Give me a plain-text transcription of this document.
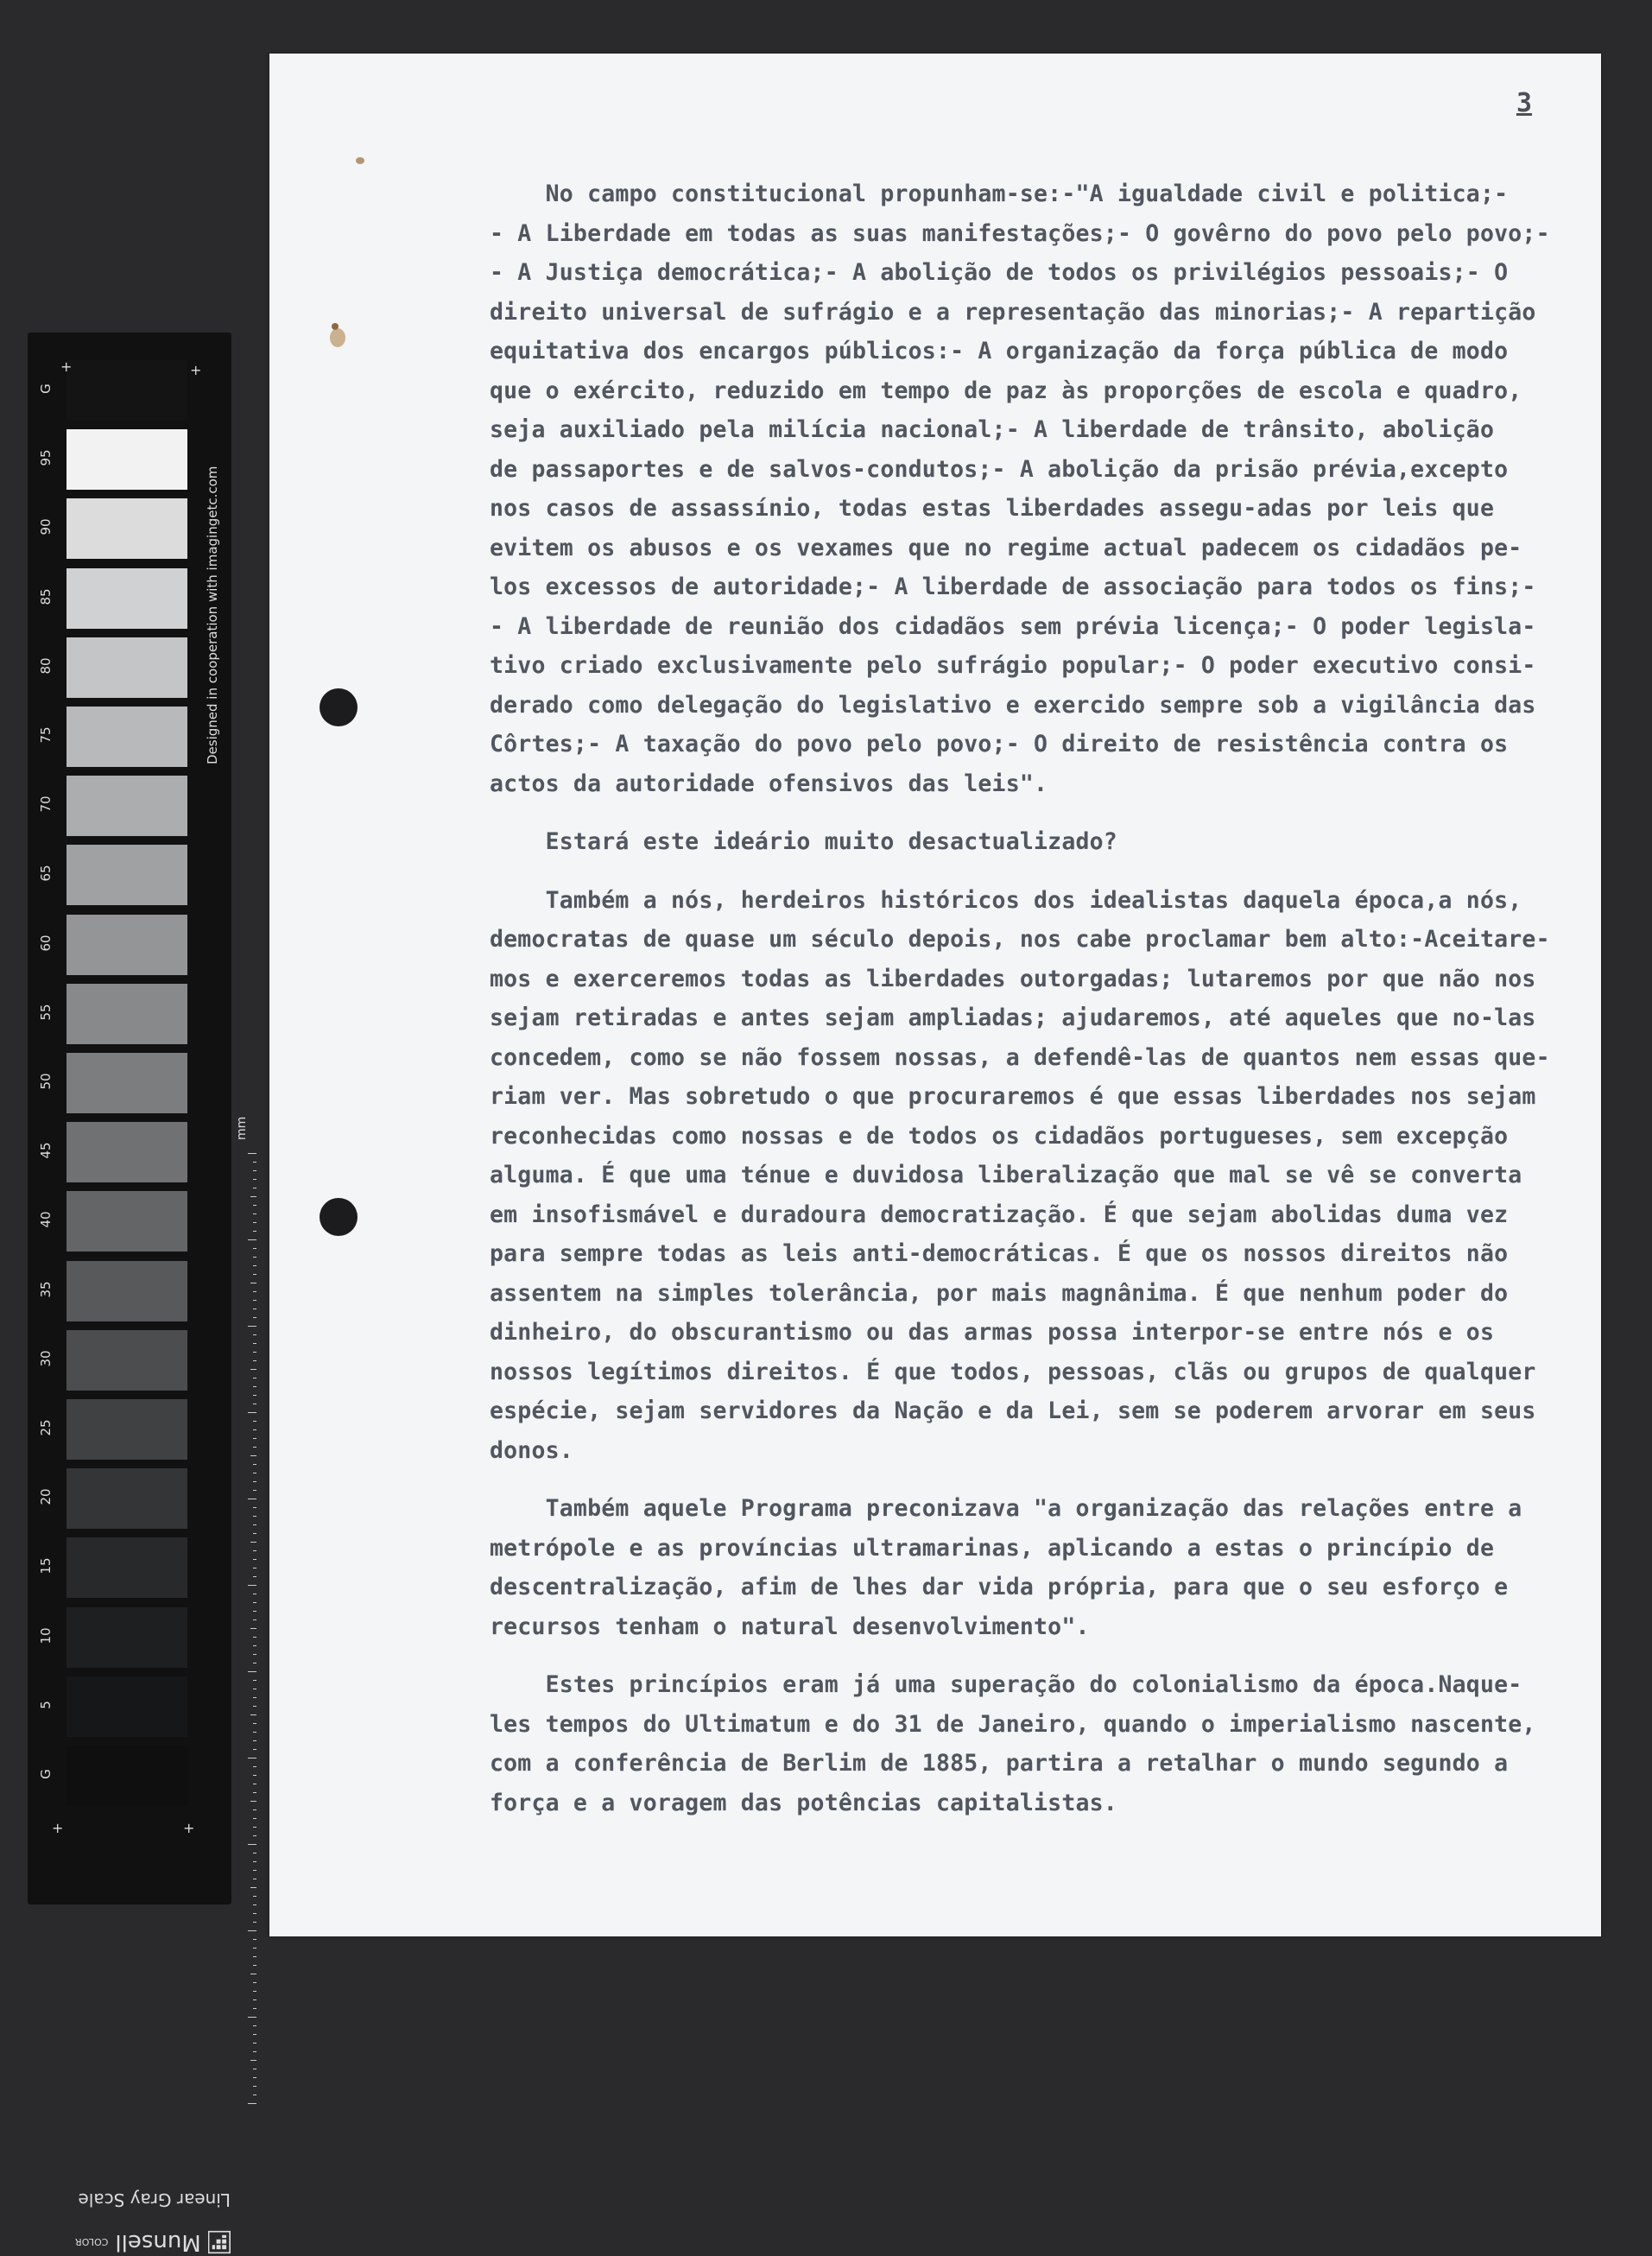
G
95
90
85
80
75
70
65
60
55
50
45
40
35
30
25
20
15
10
5
G
+	+
+	+
Designed in cooperation with imagingetc.com
mm
Linear Gray Scale
Munsell
COLOR
3
No campo constitucional propunham-se:-"A igualdade civil e politica;-
- A Liberdade em todas as suas manifestações;- O govêrno do povo pelo povo;-
- A Justiça democrática;- A abolição de todos os privilégios pessoais;- O
direito universal de sufrágio e a representação das minorias;- A repartição
equitativa dos encargos públicos:- A organização da força pública de modo
que o exército, reduzido em tempo de paz às proporções de escola e quadro,
seja auxiliado pela milícia nacional;- A liberdade de trânsito, abolição
de passaportes e de salvos-condutos;- A abolição da prisão prévia,excepto
nos casos de assassínio, todas estas liberdades assegu-adas por leis que
evitem os abusos e os vexames que no regime actual padecem os cidadãos pe-
los excessos de autoridade;- A liberdade de associação para todos os fins;-
- A liberdade de reunião dos cidadãos sem prévia licença;- O poder legisla-
tivo criado exclusivamente pelo sufrágio popular;- O poder executivo consi-
derado como delegação do legislativo e exercido sempre sob a vigilância das
Côrtes;- A taxação do povo pelo povo;- O direito de resistência contra os
actos da autoridade ofensivos das leis".
Estará este ideário muito desactualizado?
Também a nós, herdeiros históricos dos idealistas daquela época,a nós,
democratas de quase um século depois, nos cabe proclamar bem alto:-Aceitare-
mos e exerceremos todas as liberdades outorgadas; lutaremos por que não nos
sejam retiradas e antes sejam ampliadas; ajudaremos, até aqueles que no-las
concedem, como se não fossem nossas, a defendê-las de quantos nem essas que-
riam ver. Mas sobretudo o que procuraremos é que essas liberdades nos sejam
reconhecidas como nossas e de todos os cidadãos portugueses, sem excepção
alguma. É que uma ténue e duvidosa liberalização que mal se vê se converta
em insofismável e duradoura democratização. É que sejam abolidas duma vez
para sempre todas as leis anti-democráticas. É que os nossos direitos não
assentem na simples tolerância, por mais magnânima. É que nenhum poder do
dinheiro, do obscurantismo ou das armas possa interpor-se entre nós e os
nossos legítimos direitos. É que todos, pessoas, clãs ou grupos de qualquer
espécie, sejam servidores da Nação e da Lei, sem se poderem arvorar em seus
donos.
Também aquele Programa preconizava "a organização das relações entre a
metrópole e as províncias ultramarinas, aplicando a estas o princípio de
descentralização, afim de lhes dar vida própria, para que o seu esforço e
recursos tenham o natural desenvolvimento".
Estes princípios eram já uma superação do colonialismo da época.Naque-
les tempos do Ultimatum e do 31 de Janeiro, quando o imperialismo nascente,
com a conferência de Berlim de 1885, partira a retalhar o mundo segundo a
força e a voragem das potências capitalistas.
